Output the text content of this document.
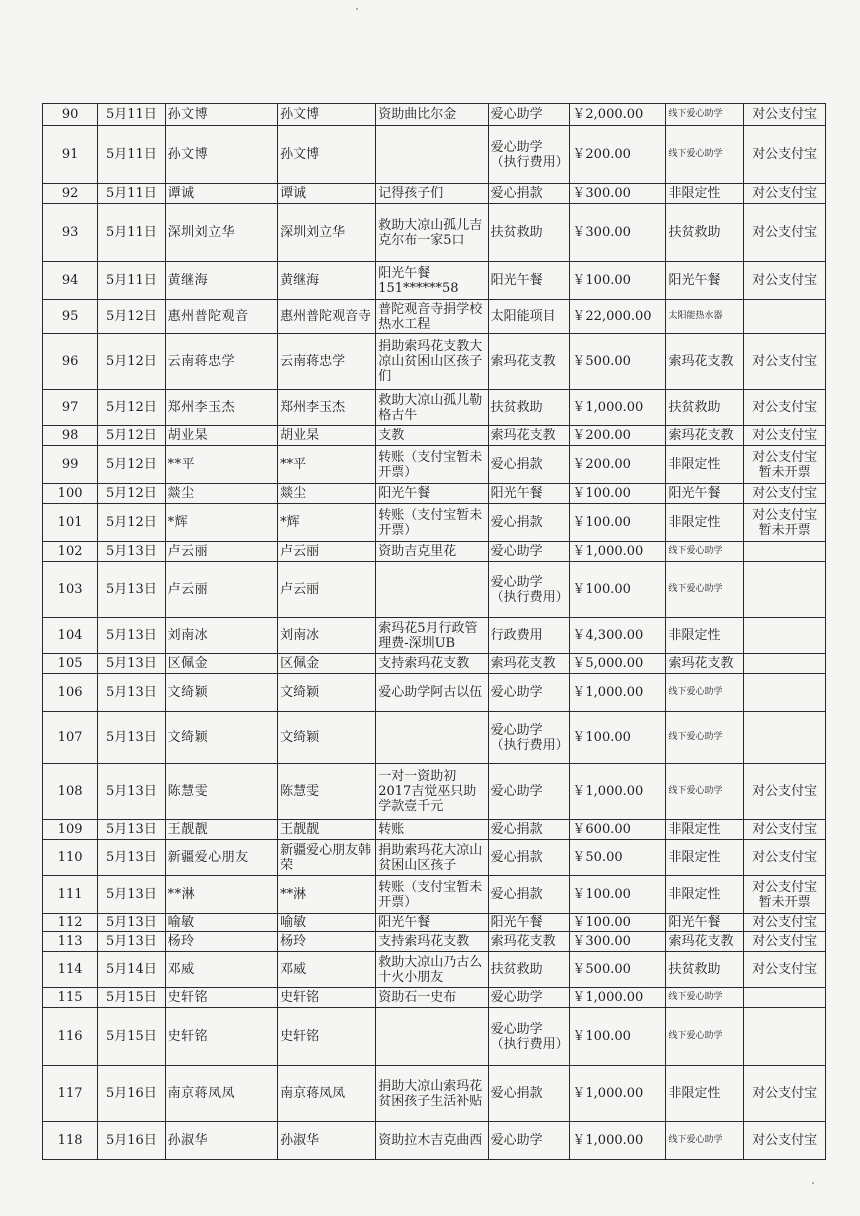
90	5月11日	孙文博	孙文博	资助曲比尔金	爱心助学	￥2,000.00	线下爱心助学	对公支付宝
91	5月11日	孙文博	孙文博		爱心助学（执行费用）	￥200.00	线下爱心助学	对公支付宝
92	5月11日	谭诚	谭诚	记得孩子们	爱心捐款	￥300.00	非限定性	对公支付宝
93	5月11日	深圳刘立华	深圳刘立华	救助大凉山孤儿吉克尔布一家5口	扶贫救助	￥300.00	扶贫救助	对公支付宝
94	5月11日	黄继海	黄继海	阳光午餐151******58	阳光午餐	￥100.00	阳光午餐	对公支付宝
95	5月12日	惠州普陀观音	惠州普陀观音寺	普陀观音寺捐学校热水工程	太阳能项目	￥22,000.00	太阳能热水器	
96	5月12日	云南蒋忠学	云南蒋忠学	捐助索玛花支教大凉山贫困山区孩子们	索玛花支教	￥500.00	索玛花支教	对公支付宝
97	5月12日	郑州李玉杰	郑州李玉杰	救助大凉山孤儿勒格古牛	扶贫救助	￥1,000.00	扶贫救助	对公支付宝
98	5月12日	胡业杲	胡业杲	支教	索玛花支教	￥200.00	索玛花支教	对公支付宝
99	5月12日	**平	**平	转账（支付宝暂未开票）	爱心捐款	￥200.00	非限定性	对公支付宝暂未开票
100	5月12日	燚尘	燚尘	阳光午餐	阳光午餐	￥100.00	阳光午餐	对公支付宝
101	5月12日	*辉	*辉	转账（支付宝暂未开票）	爱心捐款	￥100.00	非限定性	对公支付宝暂未开票
102	5月13日	卢云丽	卢云丽	资助吉克里花	爱心助学	￥1,000.00	线下爱心助学	
103	5月13日	卢云丽	卢云丽		爱心助学（执行费用）	￥100.00	线下爱心助学	
104	5月13日	刘南冰	刘南冰	索玛花5月行政管理费-深圳UB	行政费用	￥4,300.00	非限定性	
105	5月13日	区佩金	区佩金	支持索玛花支教	索玛花支教	￥5,000.00	索玛花支教	
106	5月13日	文绮颖	文绮颖	爱心助学阿古以伍	爱心助学	￥1,000.00	线下爱心助学	
107	5月13日	文绮颖	文绮颖		爱心助学（执行费用）	￥100.00	线下爱心助学	
108	5月13日	陈慧雯	陈慧雯	一对一资助初2017吉觉巫只助学款壹千元	爱心助学	￥1,000.00	线下爱心助学	对公支付宝
109	5月13日	王靓靓	王靓靓	转账	爱心捐款	￥600.00	非限定性	对公支付宝
110	5月13日	新疆爱心朋友	新疆爱心朋友韩荣	捐助索玛花大凉山贫困山区孩子	爱心捐款	￥50.00	非限定性	对公支付宝
111	5月13日	**淋	**淋	转账（支付宝暂未开票）	爱心捐款	￥100.00	非限定性	对公支付宝暂未开票
112	5月13日	喻敏	喻敏	阳光午餐	阳光午餐	￥100.00	阳光午餐	对公支付宝
113	5月13日	杨玲	杨玲	支持索玛花支教	索玛花支教	￥300.00	索玛花支教	对公支付宝
114	5月14日	邓威	邓威	救助大凉山乃古么十火小朋友	扶贫救助	￥500.00	扶贫救助	对公支付宝
115	5月15日	史轩铭	史轩铭	资助石一史布	爱心助学	￥1,000.00	线下爱心助学	
116	5月15日	史轩铭	史轩铭		爱心助学（执行费用）	￥100.00	线下爱心助学	
117	5月16日	南京蒋凤凤	南京蒋凤凤	捐助大凉山索玛花贫困孩子生活补贴	爱心捐款	￥1,000.00	非限定性	对公支付宝
118	5月16日	孙淑华	孙淑华	资助拉木吉克曲西	爱心助学	￥1,000.00	线下爱心助学	对公支付宝
